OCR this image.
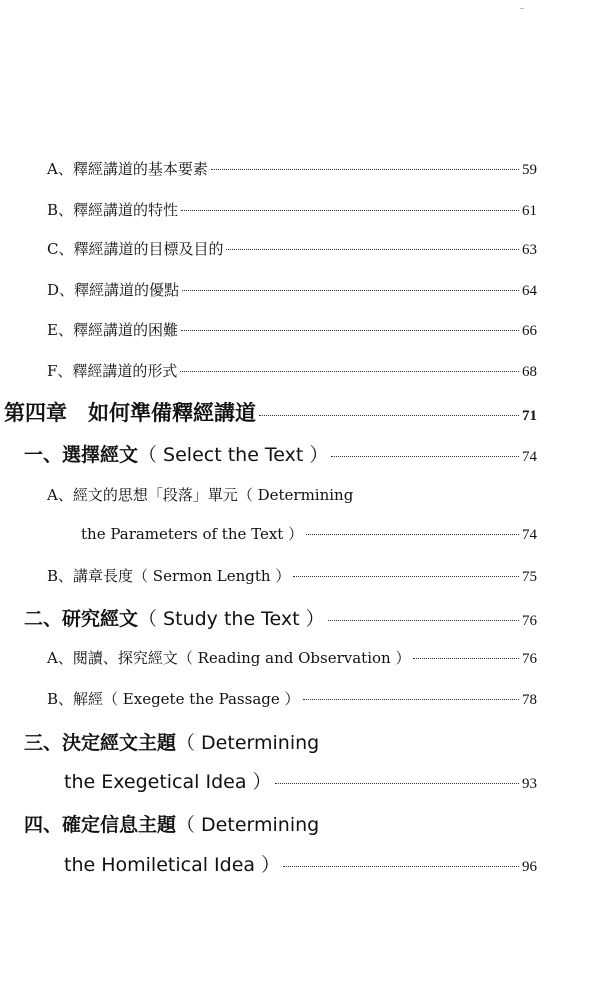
A、釋經講道的基本要素	59
B、釋經講道的特性	61
C、釋經講道的目標及目的	63
D、釋經講道的優點	64
E、釋經講道的困難	66
F、釋經講道的形式	68
第四章　如何準備釋經講道	71
一、選擇經文（ Select the Text ）	74
A、經文的思想「段落」單元（ Determining
the Parameters of the Text ）	74
B、講章長度（ Sermon Length ）	75
二、研究經文（ Study the Text ）	76
A、閱讀、探究經文（ Reading and Observation ）	76
B、解經（ Exegete the Passage ）	78
三、決定經文主題（ Determining
the Exegetical Idea ）	93
四、確定信息主題（ Determining
the Homiletical Idea ）	96
